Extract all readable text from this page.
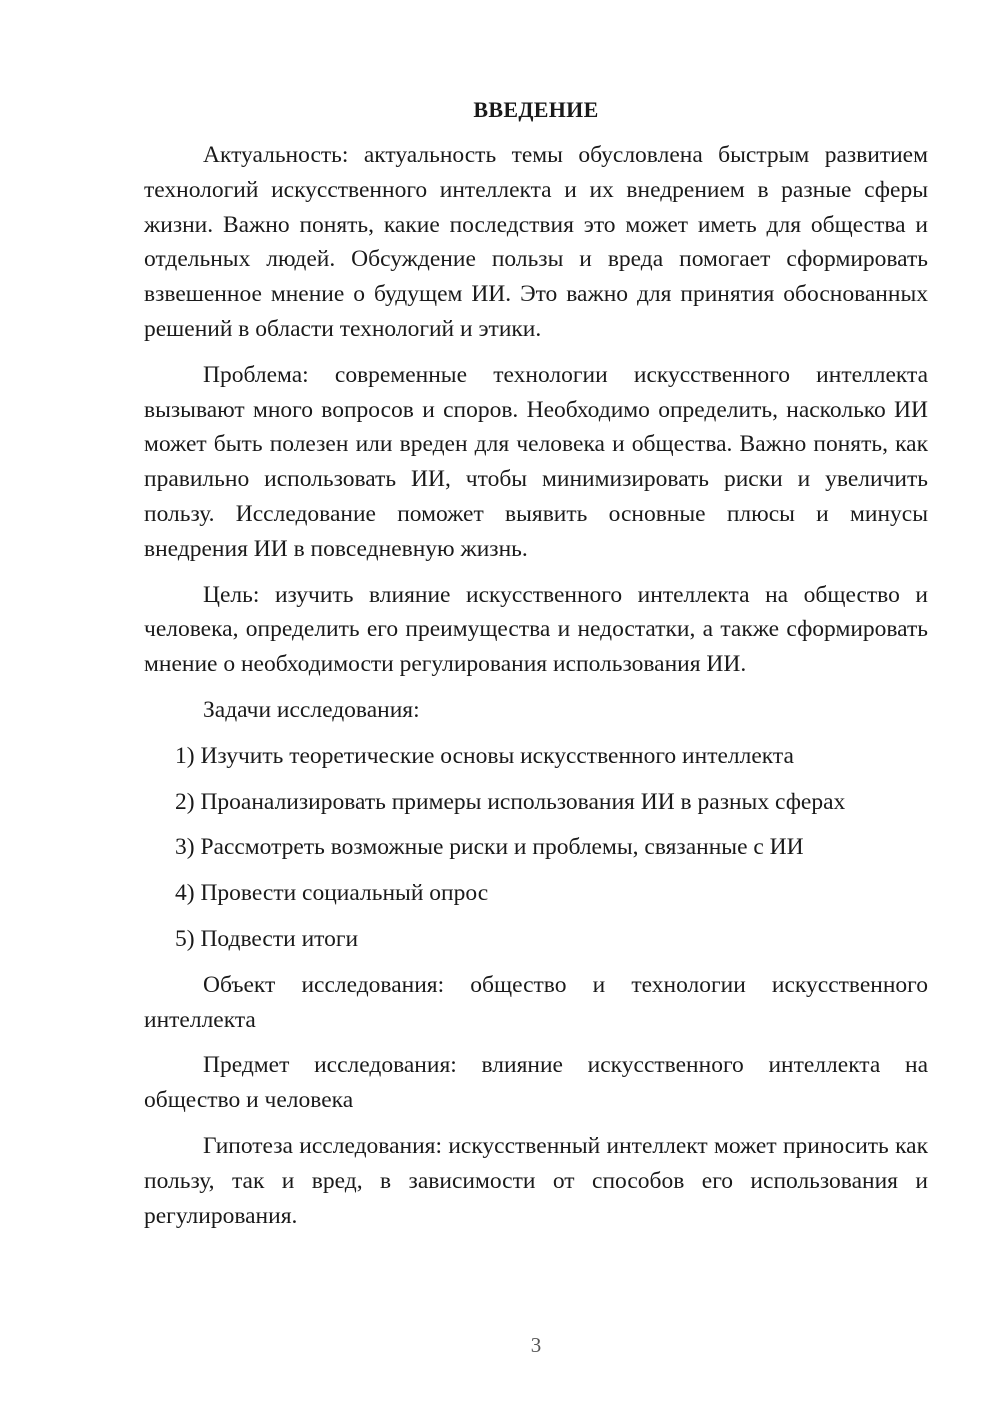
ВВЕДЕНИЕ

Актуальность: актуальность темы обусловлена быстрым развитием технологий искусственного интеллекта и их внедрением в разные сферы жизни. Важно понять, какие последствия это может иметь для общества и отдельных людей. Обсуждение пользы и вреда помогает сформировать взвешенное мнение о будущем ИИ. Это важно для принятия обоснованных решений в области технологий и этики.

Проблема: современные технологии искусственного интеллекта вызывают много вопросов и споров. Необходимо определить, насколько ИИ может быть полезен или вреден для человека и общества. Важно понять, как правильно использовать ИИ, чтобы минимизировать риски и увеличить пользу. Исследование поможет выявить основные плюсы и минусы внедрения ИИ в повседневную жизнь.

Цель: изучить влияние искусственного интеллекта на общество и человека, определить его преимущества и недостатки, а также сформировать мнение о необходимости регулирования использования ИИ.

Задачи исследования:

1) Изучить теоретические основы искусственного интеллекта
2) Проанализировать примеры использования ИИ в разных сферах
3) Рассмотреть возможные риски и проблемы, связанные с ИИ
4) Провести социальный опрос
5) Подвести итоги

Объект исследования: общество и технологии искусственного интеллекта

Предмет исследования: влияние искусственного интеллекта на общество и человека

Гипотеза исследования: искусственный интеллект может приносить как пользу, так и вред, в зависимости от способов его использования и регулирования.

3
